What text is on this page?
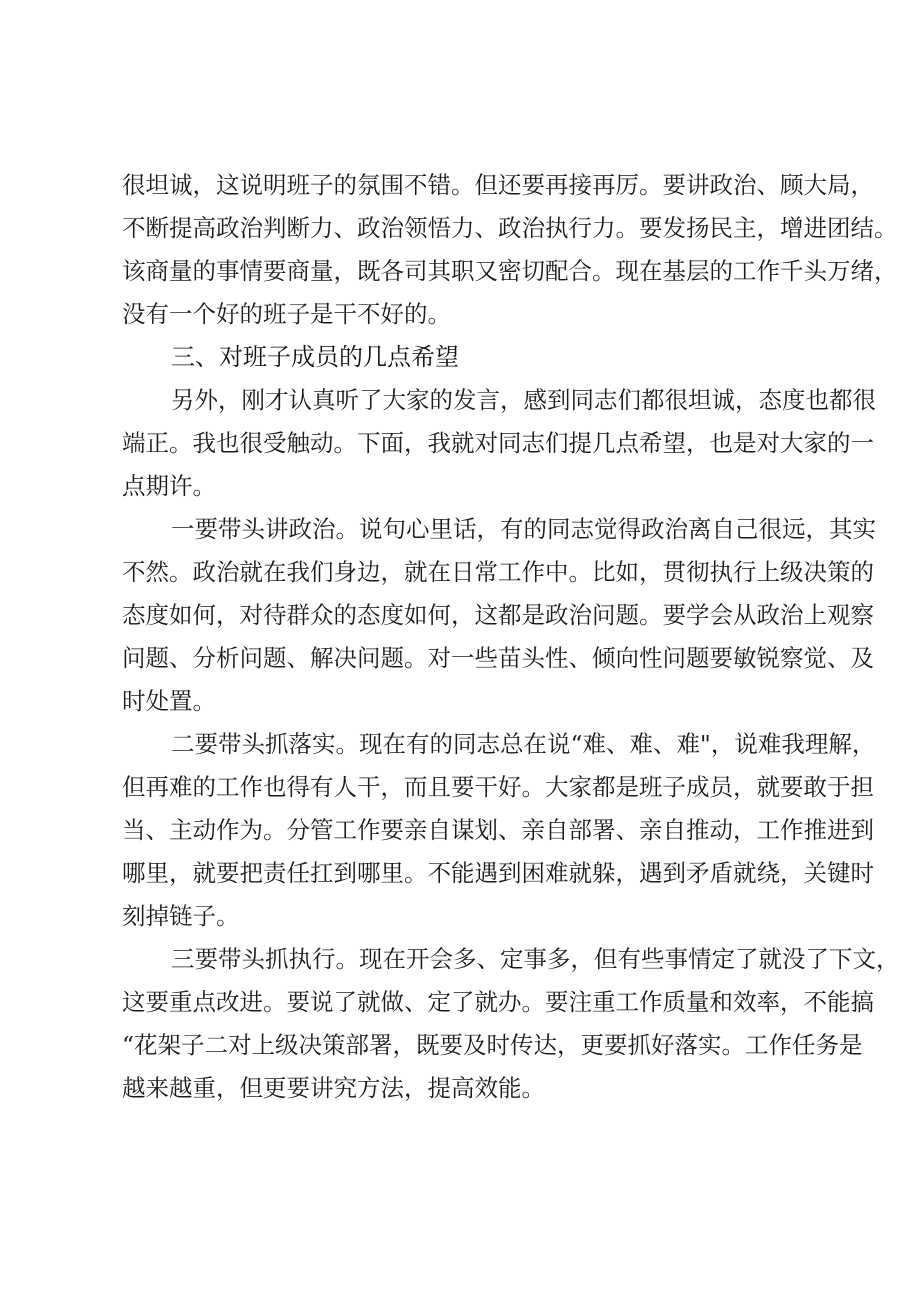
很坦诚，这说明班子的氛围不错。但还要再接再厉。要讲政治、顾大局，
不断提高政治判断力、政治领悟力、政治执行力。要发扬民主，增进团结。
该商量的事情要商量，既各司其职又密切配合。现在基层的工作千头万绪，
没有一个好的班子是干不好的。
三、对班子成员的几点希望
另外，刚才认真听了大家的发言，感到同志们都很坦诚，态度也都很
端正。我也很受触动。下面，我就对同志们提几点希望，也是对大家的一
点期许。
一要带头讲政治。说句心里话，有的同志觉得政治离自己很远，其实
不然。政治就在我们身边，就在日常工作中。比如，贯彻执行上级决策的
态度如何，对待群众的态度如何，这都是政治问题。要学会从政治上观察
问题、分析问题、解决问题。对一些苗头性、倾向性问题要敏锐察觉、及
时处置。
二要带头抓落实。现在有的同志总在说“难、难、难"，说难我理解，
但再难的工作也得有人干，而且要干好。大家都是班子成员，就要敢于担
当、主动作为。分管工作要亲自谋划、亲自部署、亲自推动，工作推进到
哪里，就要把责任扛到哪里。不能遇到困难就躲，遇到矛盾就绕，关键时
刻掉链子。
三要带头抓执行。现在开会多、定事多，但有些事情定了就没了下文，
这要重点改进。要说了就做、定了就办。要注重工作质量和效率，不能搞
“花架子二对上级决策部署，既要及时传达，更要抓好落实。工作任务是
越来越重，但更要讲究方法，提高效能。
